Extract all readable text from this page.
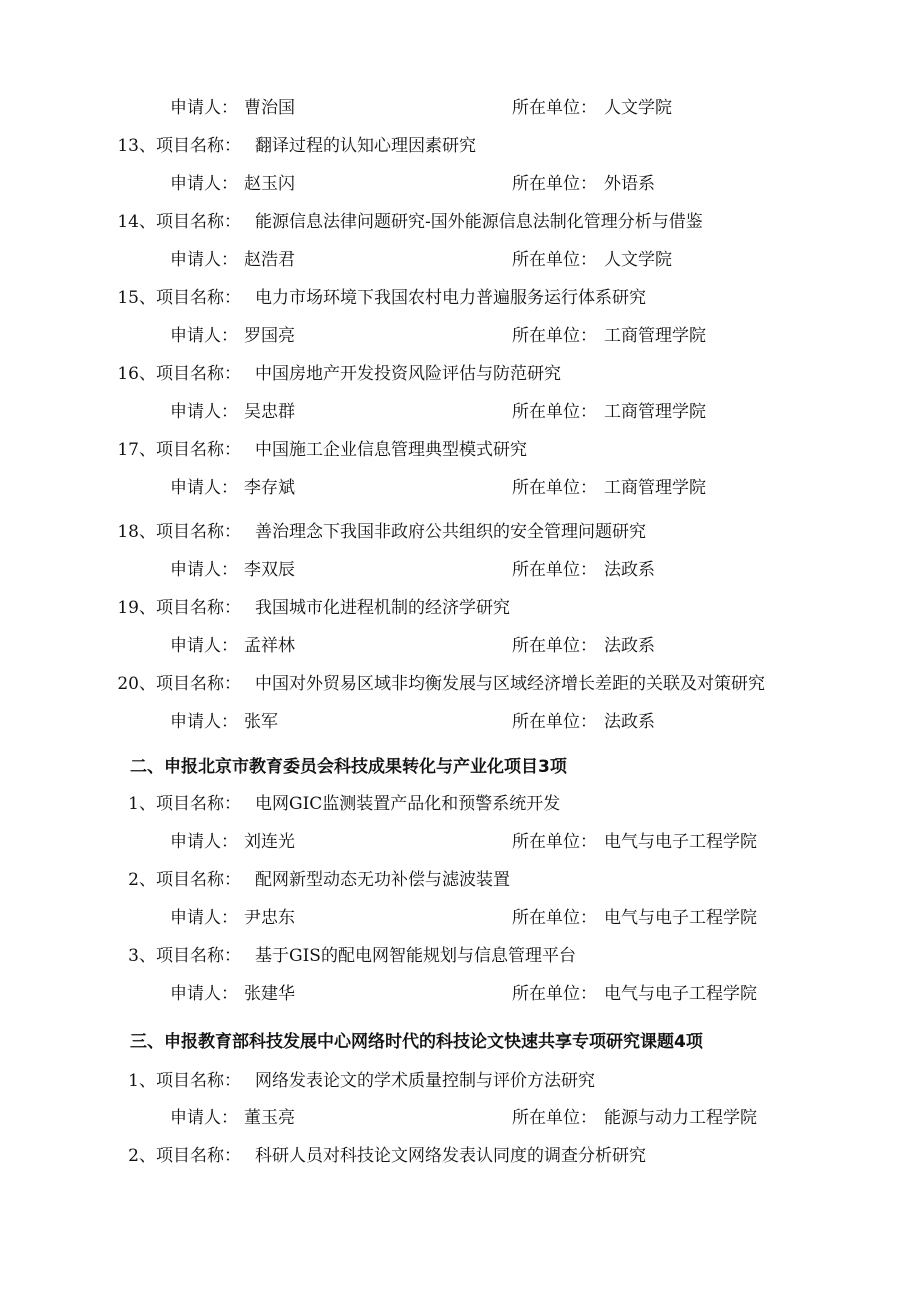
申请人： 曹治国	所在单位： 人文学院
13、 项目名称： 翻译过程的认知心理因素研究
申请人： 赵玉闪	所在单位： 外语系
14、 项目名称： 能源信息法律问题研究-国外能源信息法制化管理分析与借鉴
申请人： 赵浩君	所在单位： 人文学院
15、 项目名称： 电力市场环境下我国农村电力普遍服务运行体系研究
申请人： 罗国亮	所在单位： 工商管理学院
16、 项目名称： 中国房地产开发投资风险评估与防范研究
申请人： 吴忠群	所在单位： 工商管理学院
17、 项目名称： 中国施工企业信息管理典型模式研究
申请人： 李存斌	所在单位： 工商管理学院
18、 项目名称： 善治理念下我国非政府公共组织的安全管理问题研究
申请人： 李双辰	所在单位： 法政系
19、 项目名称： 我国城市化进程机制的经济学研究
申请人： 孟祥林	所在单位： 法政系
20、 项目名称： 中国对外贸易区域非均衡发展与区域经济增长差距的关联及对策研究
申请人： 张军	所在单位： 法政系
二、申报北京市教育委员会科技成果转化与产业化项目3项
1、 项目名称： 电网GIC监测装置产品化和预警系统开发
申请人： 刘连光	所在单位： 电气与电子工程学院
2、 项目名称： 配网新型动态无功补偿与滤波装置
申请人： 尹忠东	所在单位： 电气与电子工程学院
3、 项目名称： 基于GIS的配电网智能规划与信息管理平台
申请人： 张建华	所在单位： 电气与电子工程学院
三、申报教育部科技发展中心网络时代的科技论文快速共享专项研究课题4项
1、 项目名称： 网络发表论文的学术质量控制与评价方法研究
申请人： 董玉亮	所在单位： 能源与动力工程学院
2、 项目名称： 科研人员对科技论文网络发表认同度的调查分析研究
